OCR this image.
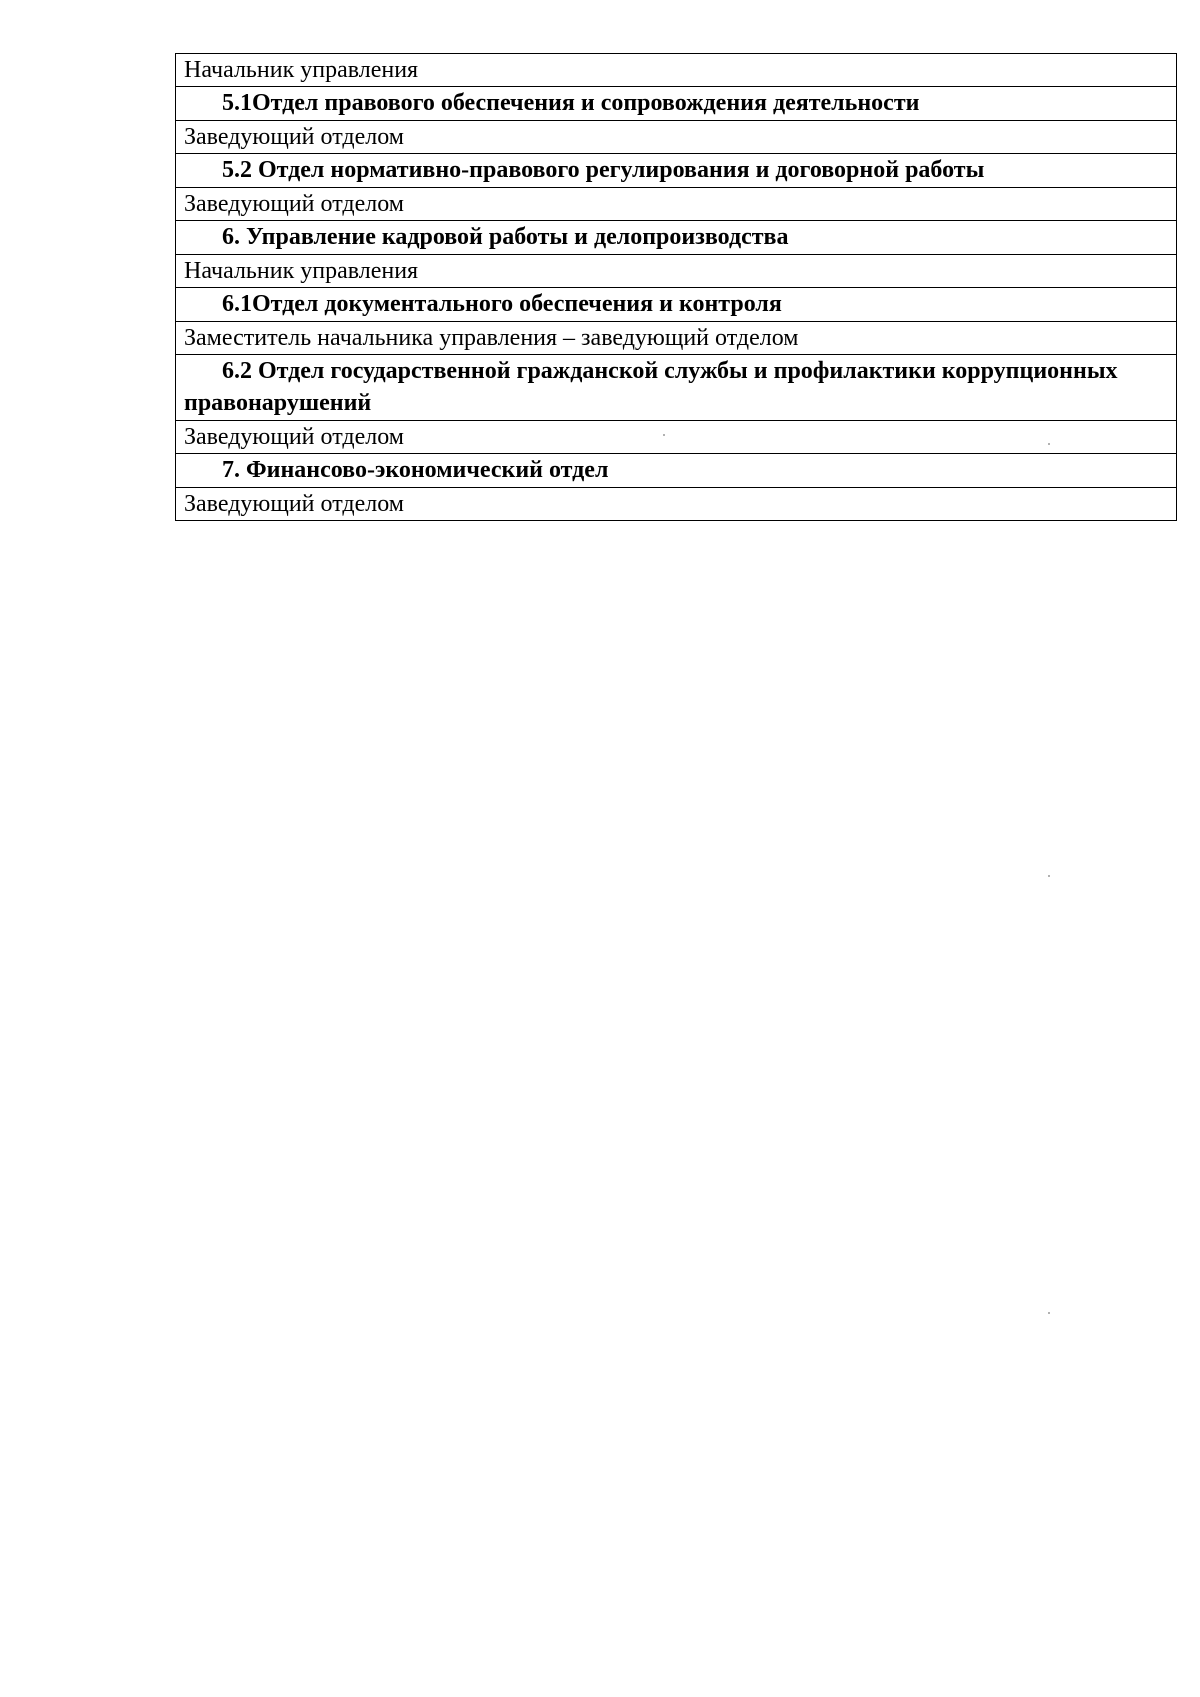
Начальник управления
5.1Отдел правового обеспечения и сопровождения деятельности
Заведующий отделом
5.2 Отдел нормативно-правового регулирования и договорной работы
Заведующий отделом
6. Управление кадровой работы и делопроизводства
Начальник управления
6.1Отдел документального обеспечения и контроля
Заместитель начальника управления – заведующий отделом
6.2 Отдел государственной гражданской службы и профилактики коррупционных правонарушений
Заведующий отделом
7. Финансово-экономический отдел
Заведующий отделом
